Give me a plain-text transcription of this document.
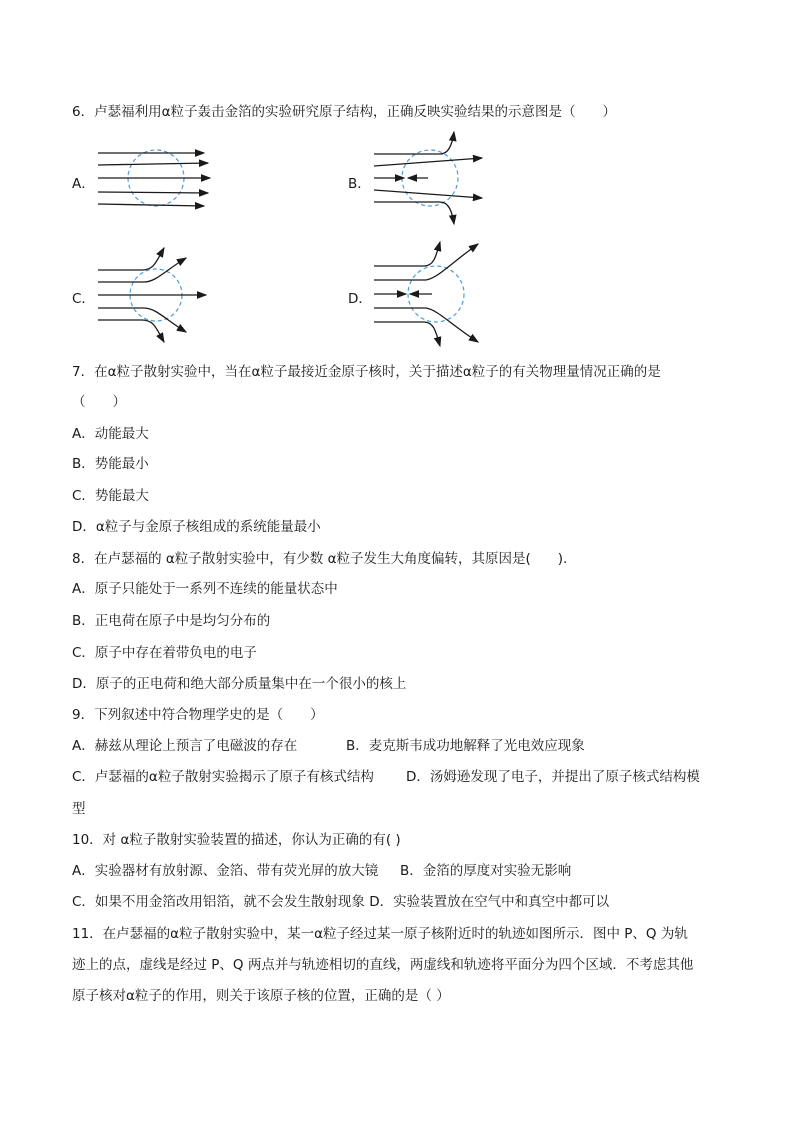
6．卢瑟福利用α粒子轰击金箔的实验研究原子结构，正确反映实验结果的示意图是（　　）
A．	B．
C．	D．
7．在α粒子散射实验中，当在α粒子最接近金原子核时，关于描述α粒子的有关物理量情况正确的是
（　　）
A．动能最大
B．势能最小
C．势能最大
D．α粒子与金原子核组成的系统能量最小
8．在卢瑟福的 α粒子散射实验中，有少数 α粒子发生大角度偏转，其原因是(　　).
A．原子只能处于一系列不连续的能量状态中
B．正电荷在原子中是均匀分布的
C．原子中存在着带负电的电子
D．原子的正电荷和绝大部分质量集中在一个很小的核上
9．下列叙述中符合物理学史的是（　　）
A．赫兹从理论上预言了电磁波的存在	B．麦克斯韦成功地解释了光电效应现象
C．卢瑟福的α粒子散射实验揭示了原子有核式结构 D．汤姆逊发现了电子，并提出了原子核式结构模
型
10．对 α粒子散射实验装置的描述，你认为正确的有( )
A．实验器材有放射源、金箔、带有荧光屏的放大镜 B．金箔的厚度对实验无影响
C．如果不用金箔改用铝箔，就不会发生散射现象 D．实验装置放在空气中和真空中都可以
11．在卢瑟福的α粒子散射实验中，某一α粒子经过某一原子核附近时的轨迹如图所示．图中 P、Q 为轨
迹上的点，虚线是经过 P、Q 两点并与轨迹相切的直线，两虚线和轨迹将平面分为四个区域．不考虑其他
原子核对α粒子的作用，则关于该原子核的位置，正确的是（ ）
